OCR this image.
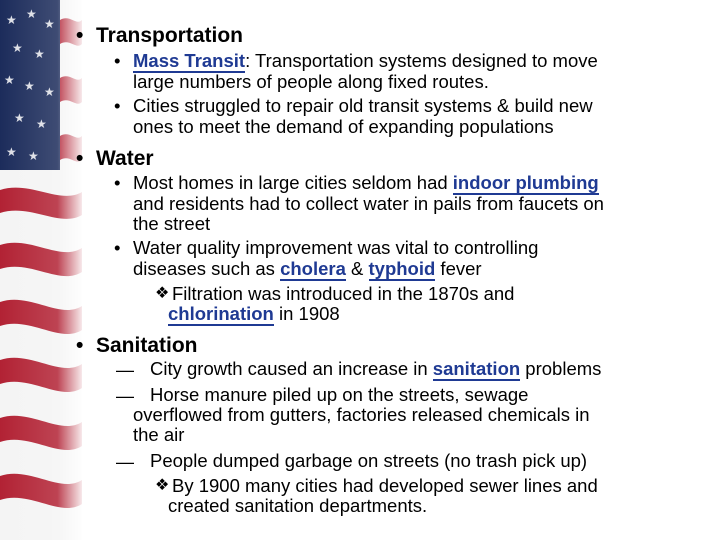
• Transportation
• Mass Transit: Transportation systems designed to move
large numbers of people along fixed routes.
• Cities struggled to repair old transit systems & build new
ones to meet the demand of expanding populations
• Water
• Most homes in large cities seldom had indoor plumbing
and residents had to collect water in pails from faucets on
the street
• Water quality improvement was vital to controlling
diseases such as cholera & typhoid fever
❖ Filtration was introduced in the 1870s and
chlorination in 1908
• Sanitation
— City growth caused an increase in sanitation problems
— Horse manure piled up on the streets, sewage
overflowed from gutters, factories released chemicals in
the air
— People dumped garbage on streets (no trash pick up)
❖ By 1900 many cities had developed sewer lines and
created sanitation departments.
